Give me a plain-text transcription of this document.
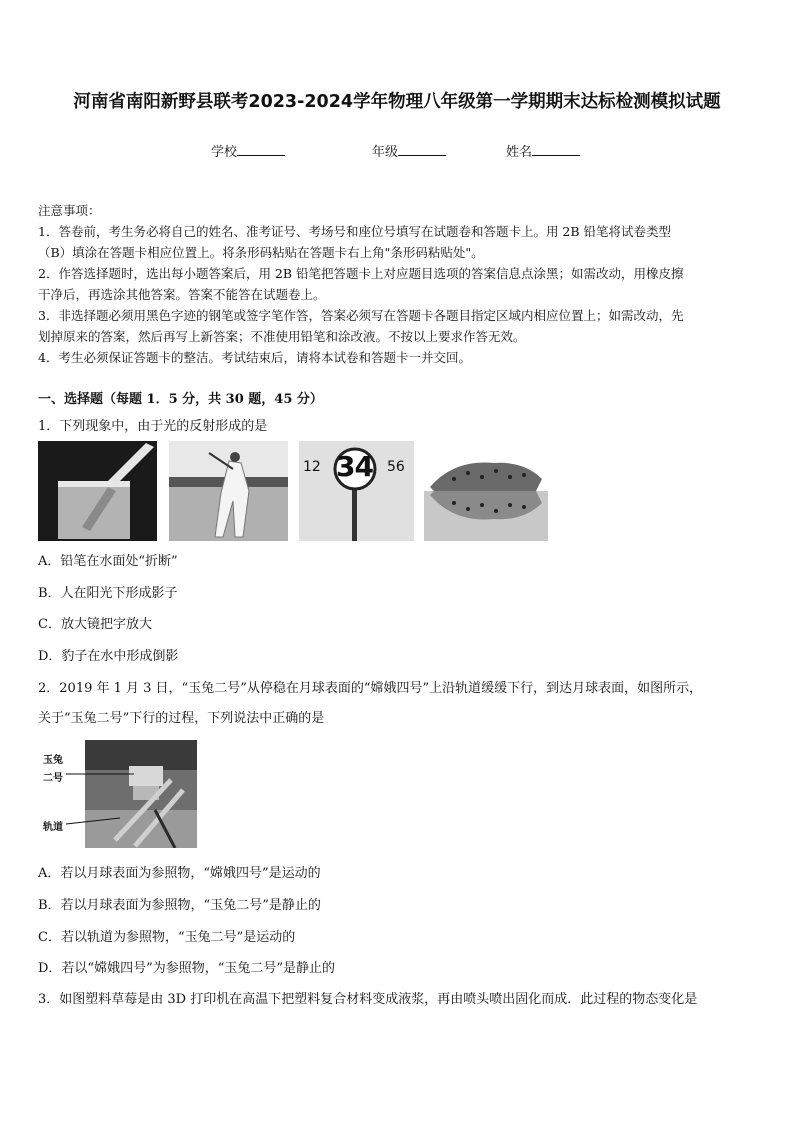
河南省南阳新野县联考2023-2024学年物理八年级第一学期期末达标检测模拟试题
学校	年级	姓名
注意事项：
1．答卷前，考生务必将自己的姓名、准考证号、考场号和座位号填写在试题卷和答题卡上。用 2B 铅笔将试卷类型
（B）填涂在答题卡相应位置上。将条形码粘贴在答题卡右上角"条形码粘贴处"。
2．作答选择题时，选出每小题答案后，用 2B 铅笔把答题卡上对应题目选项的答案信息点涂黑；如需改动，用橡皮擦
干净后，再选涂其他答案。答案不能答在试题卷上。
3．非选择题必须用黑色字迹的钢笔或签字笔作答，答案必须写在答题卡各题目指定区域内相应位置上；如需改动，先
划掉原来的答案，然后再写上新答案；不准使用铅笔和涂改液。不按以上要求作答无效。
4．考生必须保证答题卡的整洁。考试结束后，请将本试卷和答题卡一并交回。
一、选择题（每题 1．5 分，共 30 题，45 分）
1．下列现象中，由于光的反射形成的是
12 34 56
A．铅笔在水面处“折断”
B．人在阳光下形成影子
C．放大镜把字放大
D．豹子在水中形成倒影
2．2019 年 1 月 3 日，“玉兔二号”从停稳在月球表面的“嫦娥四号”上沿轨道缓缓下行，到达月球表面，如图所示，
关于“玉兔二号”下行的过程，下列说法中正确的是
玉兔
二号
轨道
A．若以月球表面为参照物，“嫦娥四号”是运动的
B．若以月球表面为参照物，“玉兔二号”是静止的
C．若以轨道为参照物，“玉兔二号”是运动的
D．若以“嫦娥四号”为参照物，“玉兔二号”是静止的
3．如图塑料草莓是由 3D 打印机在高温下把塑料复合材料变成液浆，再由喷头喷出固化而成．此过程的物态变化是
